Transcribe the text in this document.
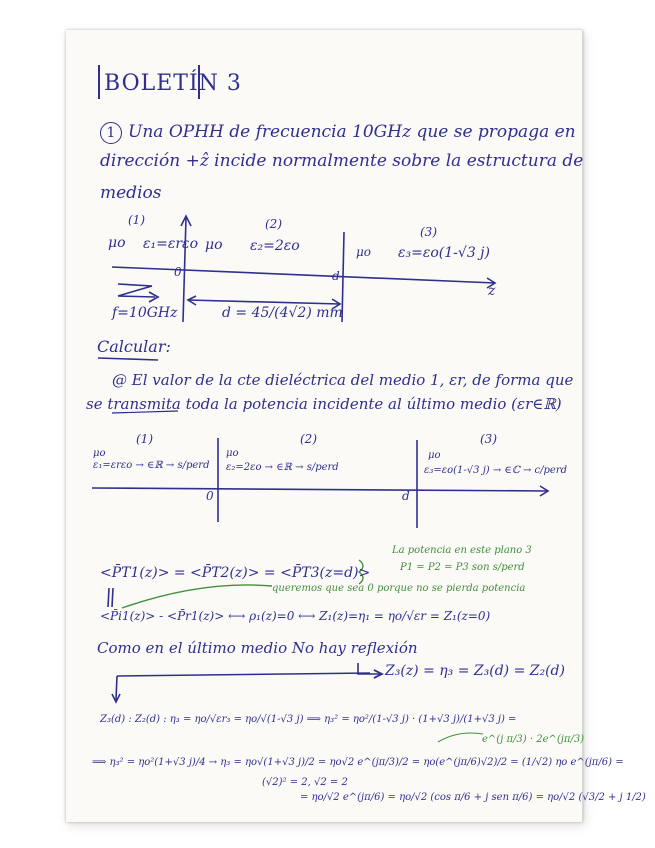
BOLETÍN 3
1 Una OPHH de frecuencia 10GHz que se propaga en
dirección +ẑ incide normalmente sobre la estructura de
medios
(1)	(2)
(3)
μo ε₁=εrεo μo ε₂=2εo	μo ε₃=εo(1-√3 j)
0	d
z
f=10GHz	d = 45/(4√2) mm
Calcular:
@ El valor de la cte dieléctrica del medio 1, εr, de forma que
se transmita toda la potencia incidente al último medio (εr∈ℝ)
(1)	(2)	(3)
μo
ε₁=εrεo → ∈ℝ → s/perd
μo
ε₂=2εo → ∈ℝ → s/perd
μo
ε₃=εo(1-√3 j) → ∈ℂ → c/perd
0	d
<P̄T1(z)> = <P̄T2(z)> = <P̄T3(z=d)>
La potencia en este plano 3
P1 = P2 = P3 son s/perd
queremos que sea 0 porque no se pierda potencia
<P̄i1(z)> - <P̄r1(z)> ⟷ ρ₁(z)=0 ⟷ Z₁(z)=η₁ = ηo/√εr = Z₁(z=0)
Como en el último medio No hay reflexión
Z₃(z) = η₃ = Z₃(d) = Z₂(d)
Z₃(d) : Z₂(d) : η₃ = ηo/√εr₃ = ηo/√(1-√3 j) ⟹ η₃² = ηo²/(1-√3 j) · (1+√3 j)/(1+√3 j) =
e^(j π/3) · 2e^(jπ/3)
⟹ η₃² = ηo²(1+√3 j)/4 → η₃ = ηo√(1+√3 j)/2 = ηo√2 e^(jπ/3)/2 = ηo(e^(jπ/6)√2)/2 = (1/√2) ηo e^(jπ/6) =
(√2)² = 2, √2 = 2
= ηo/√2 e^(jπ/6) = ηo/√2 (cos π/6 + j sen π/6) = ηo/√2 (√3/2 + j 1/2)
